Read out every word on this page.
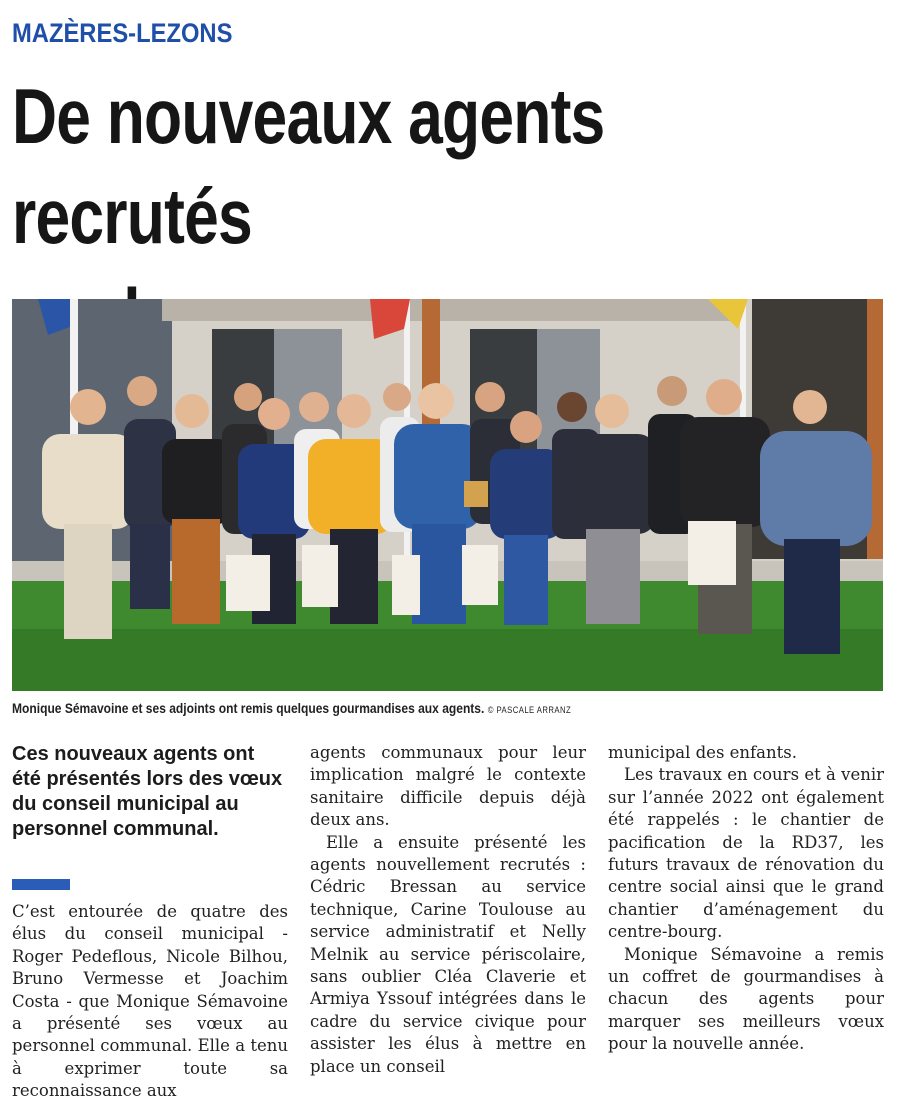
MAZÈRES-LEZONS
De nouveaux agents recrutés

Monique Sémavoine et ses adjoints ont remis quelques gourmandises aux agents. © PASCALE ARRANZ

Ces nouveaux agents ont été présentés lors des vœux du conseil municipal au personnel communal.

C’est entourée de quatre des élus du conseil municipal - Roger Pedeflous, Nicole Bilhou, Bruno Vermesse et Joachim Costa - que Monique Sémavoine a présenté ses vœux au personnel communal. Elle a tenu à exprimer toute sa reconnaissance aux

agents communaux pour leur implication malgré le contexte sanitaire difficile depuis déjà deux ans.

Elle a ensuite présenté les agents nouvellement recrutés : Cédric Bressan au service technique, Carine Toulouse au service administratif et Nelly Melnik au service périscolaire, sans oublier Cléa Claverie et Armiya Yssouf intégrées dans le cadre du service civique pour assister les élus à mettre en place un conseil

municipal des enfants.

Les travaux en cours et à venir sur l’année 2022 ont également été rappelés : le chantier de pacification de la RD37, les futurs travaux de rénovation du centre social ainsi que le grand chantier d’aménagement du centre-bourg.

Monique Sémavoine a remis un coffret de gourmandises à chacun des agents pour marquer ses meilleurs vœux pour la nouvelle année.
